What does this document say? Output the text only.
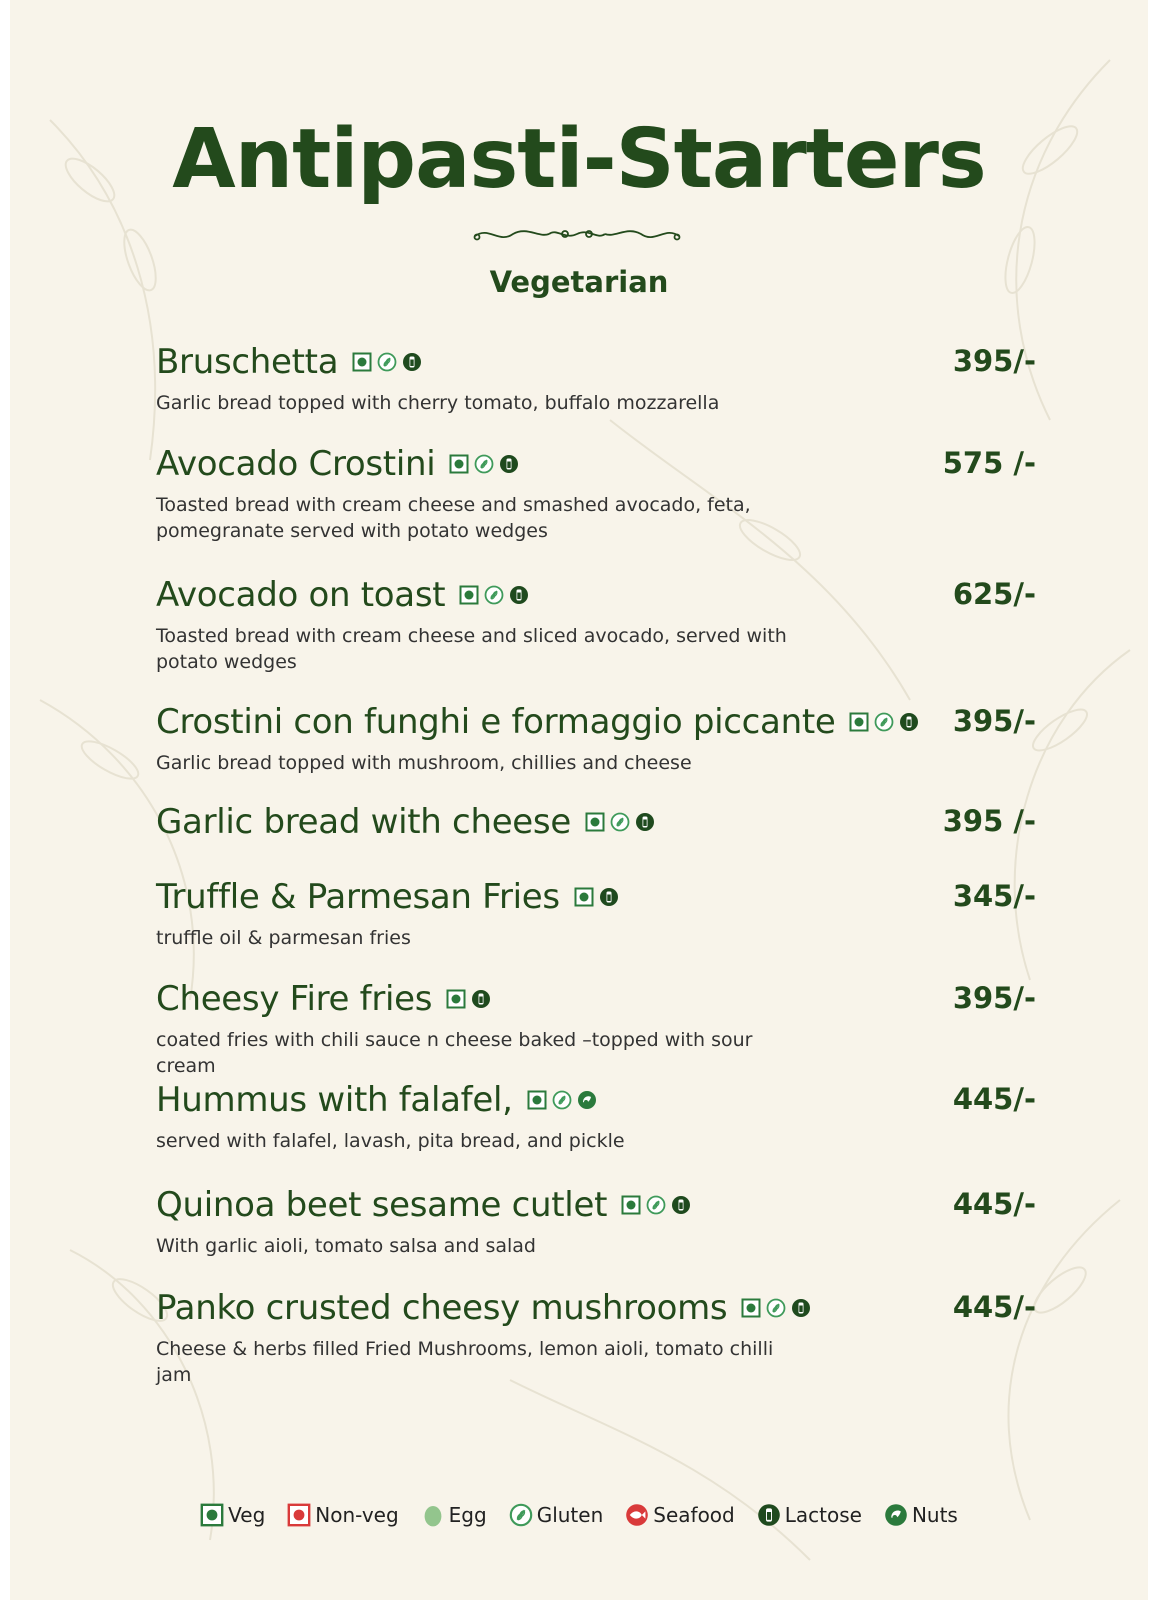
Antipasti-Starters
Vegetarian
Bruschetta	395/-
Garlic bread topped with cherry tomato, buffalo mozzarella
Avocado Crostini	575 /-
Toasted bread with cream cheese and smashed avocado, feta, pomegranate served with potato wedges
Avocado on toast	625/-
Toasted bread with cream cheese and sliced avocado, served with potato wedges
Crostini con funghi e formaggio piccante	395/-
Garlic bread topped with mushroom, chillies and cheese
Garlic bread with cheese	395 /-
Truffle & Parmesan Fries	345/-
truffle oil & parmesan fries
Cheesy Fire fries	395/-
coated fries with chili sauce n cheese baked –topped with sour cream
Hummus with falafel,	445/-
served with falafel, lavash, pita bread, and pickle
Quinoa beet sesame cutlet	445/-
With garlic aioli, tomato salsa and salad
Panko crusted cheesy mushrooms	445/-
Cheese & herbs filled Fried Mushrooms, lemon aioli, tomato chilli jam
Veg	Non-veg	Egg	Gluten	Seafood	Lactose	Nuts
